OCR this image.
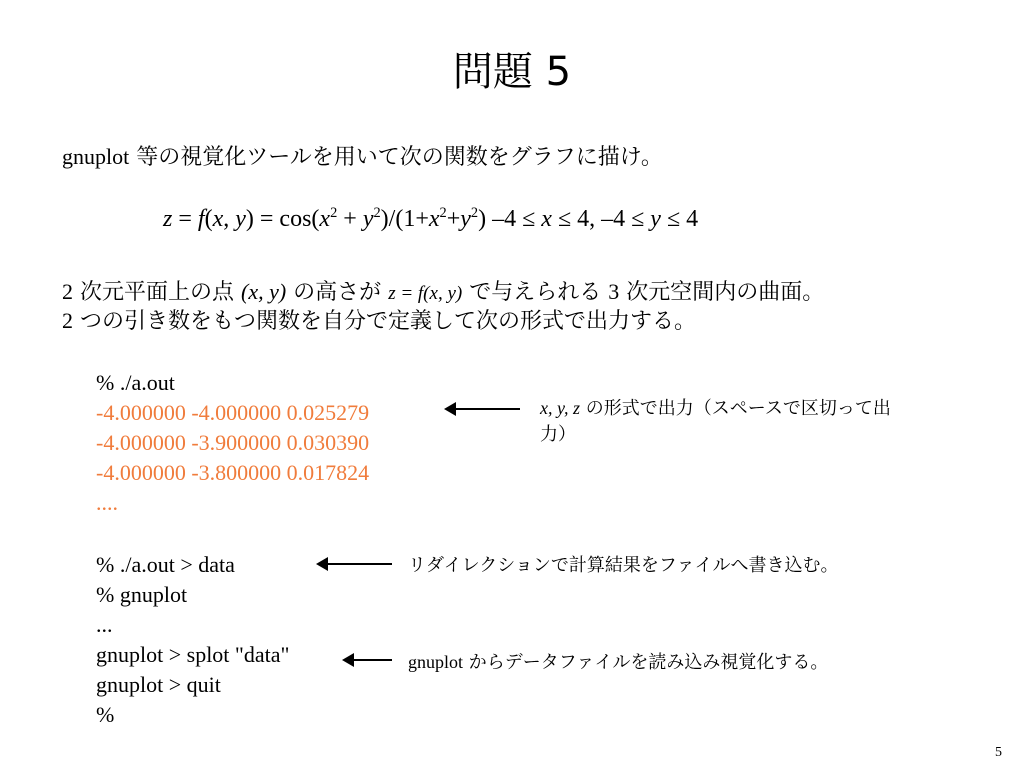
問題 5
gnuplot 等の視覚化ツールを用いて次の関数をグラフに描け。
z = f(x, $y) = \cos(x^2 + y^2)/(1+x^2+y^2) -4 \le x \le 4$, –4 ≤ y ≤ 4
2 次元平面上の点 (x, y) の高さが z = f(x, y) で与えられる 3 次元空間内の曲面。
2 つの引き数をもつ関数を自分で定義して次の形式で出力する。
% ./a.out
-4.000000 -4.000000 0.025279
-4.000000 -3.900000 0.030390
-4.000000 -3.800000 0.017824
....
x, y, z の形式で出力（スペースで区切って出
力）
% ./a.out > data
% gnuplot
...
gnuplot > splot "data"
gnuplot > quit
%
リダイレクションで計算結果をファイルへ書き込む。
gnuplot からデータファイルを読み込み視覚化する。
5
